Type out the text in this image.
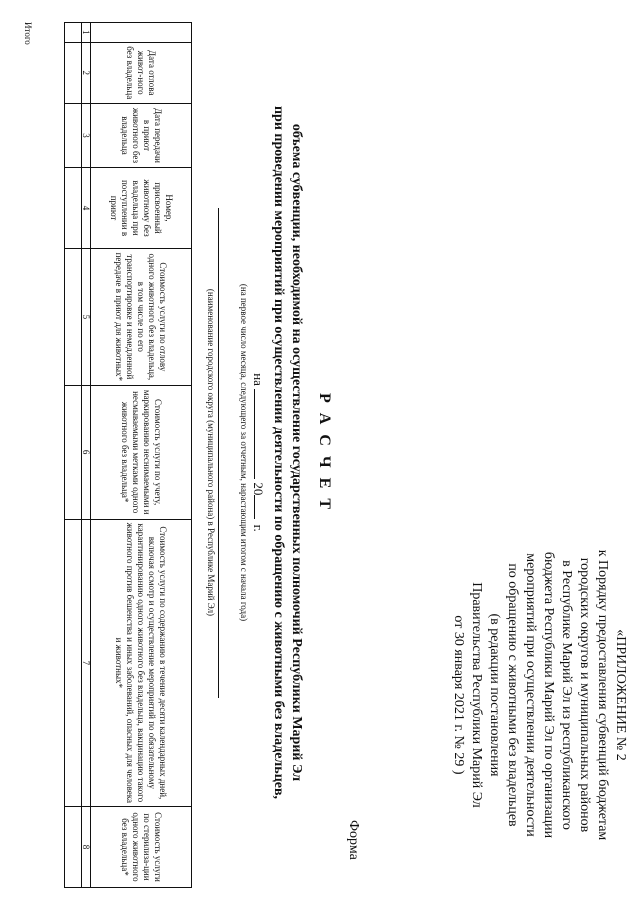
«ПРИЛОЖЕНИЕ № 2
к Порядку предоставления субвенций бюджетам
городских округов и муниципальных районов
в Республике Марий Эл из республиканского
бюджета Республики Марий Эл по организации
мероприятий при осуществлении деятельности
по обращению с животными без владельцев
(в редакции постановления
Правительства Республики Марий Эл
от 30 января 2021 г. № 29 )
Форма
Р А С Ч Е Т
объема субвенции, необходимой на осуществление государственных полномочий Республики Марий Эл
при проведении мероприятий при осуществлении деятельности по обращению с животными без владельцев,
на  20 г.
(на первое число месяца, следующего за отчетным, нарастающим итогом с начала года)
(наименование городского округа (муниципального района) в Республике Марий Эл)
	Дата отлова живот-ного без владельца	Дата передачи в приют животного без владельца	Номер, присвоенный животному без владельца при поступлении в приют	Стоимость услуги по отлову одного животного без владельца, в том числе по его транспортировке и немедленной передаче в приют для животных*	Стоимость услуги по учету, маркированию неснимаемыми и несмываемыми метками одного животного без владельца*	Стоимость услуги по содержанию в течение десяти календарных дней, включая осмотр и осуществление мероприятий по обязательному карантинированию одного животного без владельца, вакцинацию такого животного против бешенства и иных заболеваний, опасных для человека и животных*	Стоимость услуги по стерилиза-ции одного животного без владельца*
1	2	3	4	5	6	7	8

Итого
